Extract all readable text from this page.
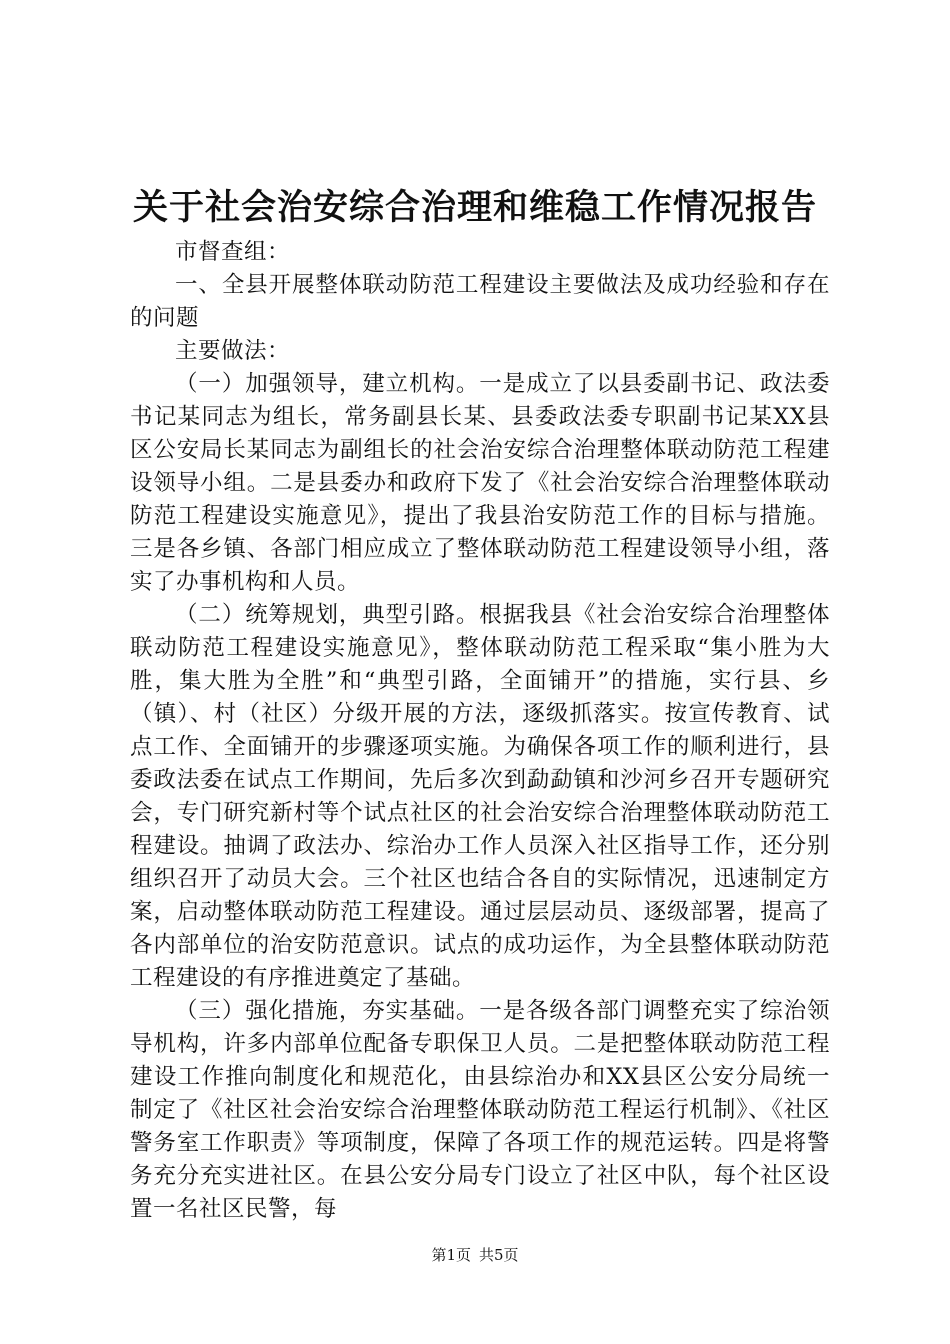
关于社会治安综合治理和维稳工作情况报告

市督查组：

一、全县开展整体联动防范工程建设主要做法及成功经验和存在的问题

主要做法：

（一）加强领导，建立机构。一是成立了以县委副书记、政法委书记某同志为组长，常务副县长某、县委政法委专职副书记某XX县区公安局长某同志为副组长的社会治安综合治理整体联动防范工程建设领导小组。二是县委办和政府下发了《社会治安综合治理整体联动防范工程建设实施意见》，提出了我县治安防范工作的目标与措施。三是各乡镇、各部门相应成立了整体联动防范工程建设领导小组，落实了办事机构和人员。

（二）统筹规划，典型引路。根据我县《社会治安综合治理整体联动防范工程建设实施意见》，整体联动防范工程采取“集小胜为大胜，集大胜为全胜”和“典型引路，全面铺开”的措施，实行县、乡（镇）、村（社区）分级开展的方法，逐级抓落实。按宣传教育、试点工作、全面铺开的步骤逐项实施。为确保各项工作的顺利进行，县委政法委在试点工作期间，先后多次到勐勐镇和沙河乡召开专题研究会，专门研究新村等个试点社区的社会治安综合治理整体联动防范工程建设。抽调了政法办、综治办工作人员深入社区指导工作，还分别组织召开了动员大会。三个社区也结合各自的实际情况，迅速制定方案，启动整体联动防范工程建设。通过层层动员、逐级部署，提高了各内部单位的治安防范意识。试点的成功运作，为全县整体联动防范工程建设的有序推进奠定了基础。

（三）强化措施，夯实基础。一是各级各部门调整充实了综治领导机构，许多内部单位配备专职保卫人员。二是把整体联动防范工程建设工作推向制度化和规范化，由县综治办和XX县区公安分局统一制定了《社区社会治安综合治理整体联动防范工程运行机制》、《社区警务室工作职责》等项制度，保障了各项工作的规范运转。四是将警务充分充实进社区。在县公安分局专门设立了社区中队，每个社区设置一名社区民警，每

第1页 共5页
